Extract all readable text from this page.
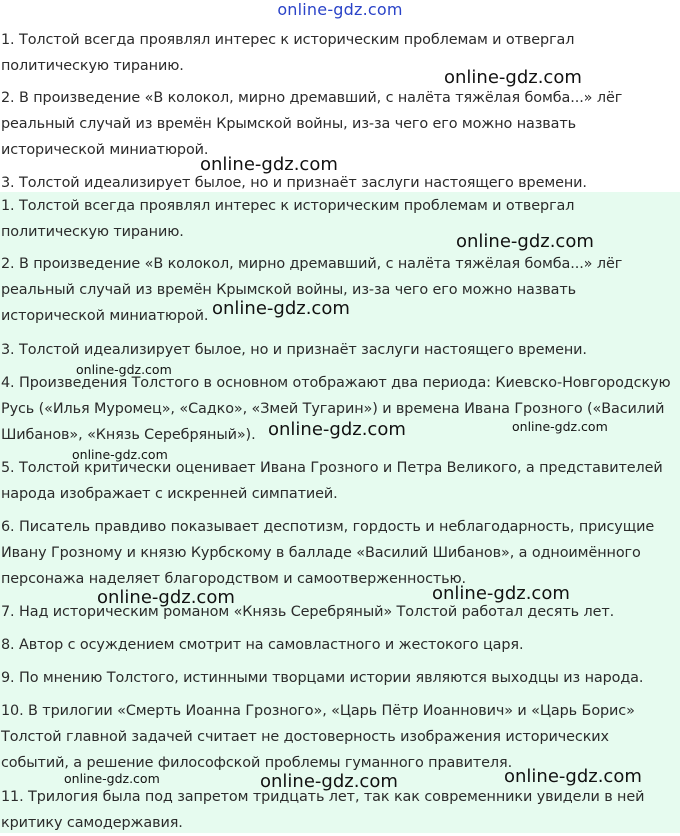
online-gdz.com
1. Толстой всегда проявлял интерес к историческим проблемам и отвергал
политическую тиранию.
2. В произведение «В колокол, мирно дремавший, с налёта тяжёлая бомба...» лёг
реальный случай из времён Крымской войны, из-за чего его можно назвать
исторической миниатюрой.
3. Толстой идеализирует былое, но и признаёт заслуги настоящего времени.
1. Толстой всегда проявлял интерес к историческим проблемам и отвергал
политическую тиранию.
2. В произведение «В колокол, мирно дремавший, с налёта тяжёлая бомба...» лёг
реальный случай из времён Крымской войны, из-за чего его можно назвать
исторической миниатюрой.
3. Толстой идеализирует былое, но и признаёт заслуги настоящего времени.
4. Произведения Толстого в основном отображают два периода: Киевско-Новгородскую
Русь («Илья Муромец», «Садко», «Змей Тугарин») и времена Ивана Грозного («Василий
Шибанов», «Князь Серебряный»).
5. Толстой критически оценивает Ивана Грозного и Петра Великого, а представителей
народа изображает с искренней симпатией.
6. Писатель правдиво показывает деспотизм, гордость и неблагодарность, присущие
Ивану Грозному и князю Курбскому в балладе «Василий Шибанов», а одноимённого
персонажа наделяет благородством и самоотверженностью.
7. Над историческим романом «Князь Серебряный» Толстой работал десять лет.
8. Автор с осуждением смотрит на самовластного и жестокого царя.
9. По мнению Толстого, истинными творцами истории являются выходцы из народа.
10. В трилогии «Смерть Иоанна Грозного», «Царь Пётр Иоаннович» и «Царь Борис»
Толстой главной задачей считает не достоверность изображения исторических
событий, а решение философской проблемы гуманного правителя.
11. Трилогия была под запретом тридцать лет, так как современники увидели в ней
критику самодержавия.
online-gdz.com
online-gdz.com
online-gdz.com
online-gdz.com
online-gdz.com
online-gdz.com	online-gdz.com
online-gdz.com
online-gdz.com
online-gdz.com
online-gdz.com
online-gdz.com	online-gdz.com
